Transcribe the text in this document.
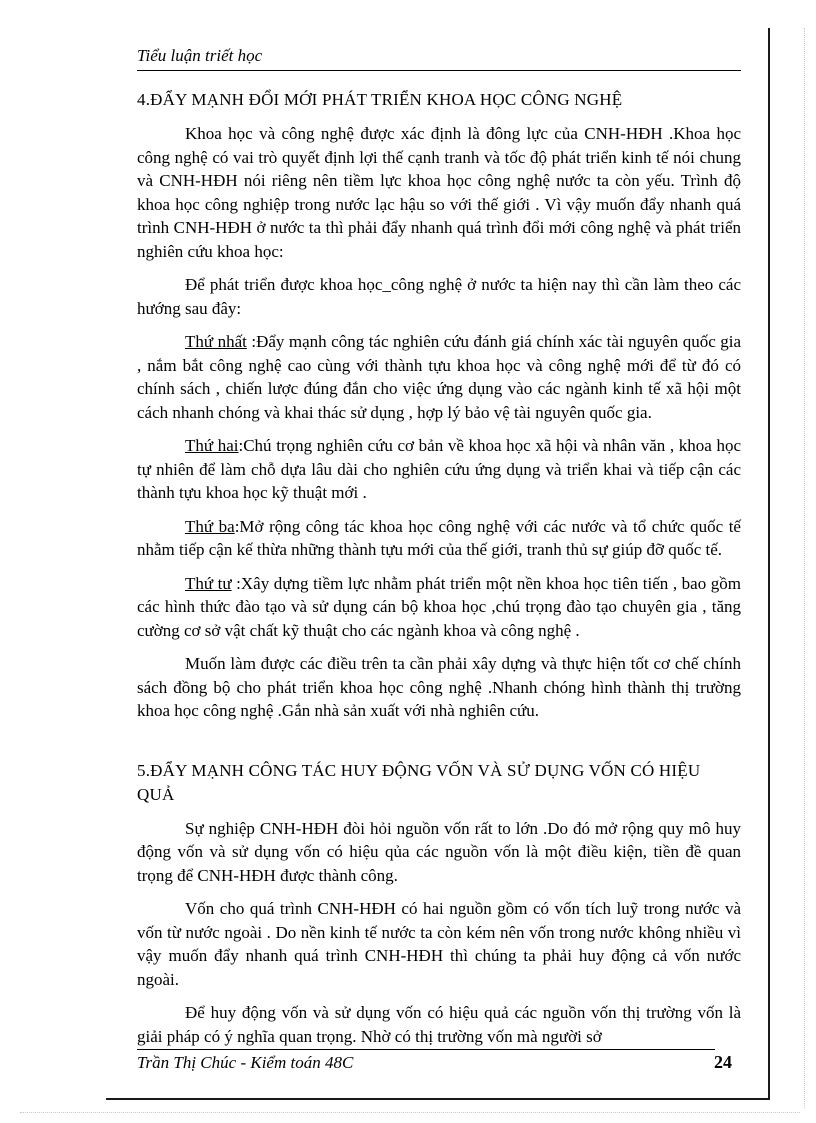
Tiểu luận triết học
4.ĐẨY MẠNH ĐỔI MỚI PHÁT TRIỂN KHOA HỌC CÔNG NGHỆ

Khoa học và công nghệ được xác định là đông lực của CNH-HĐH .Khoa học công nghệ có vai trò quyết định lợi thế cạnh tranh và tốc độ phát triển kinh tế nói chung và CNH-HĐH nói riêng nên tiềm lực khoa học công nghệ nước ta còn yếu. Trình độ khoa học công nghiệp trong nước lạc hậu so với thế giới . Vì vậy muốn đẩy nhanh quá trình CNH-HĐH ở nước ta thì phải đẩy nhanh quá trình đổi mới công nghệ và phát triển nghiên cứu khoa học:

Để phát triển được khoa học_công nghệ ở nước ta hiện nay thì cần làm theo các hướng sau đây:

Thứ nhất :Đẩy mạnh công tác nghiên cứu đánh giá chính xác tài nguyên quốc gia , nắm bắt công nghệ cao cùng với thành tựu khoa học và công nghệ mới để từ đó có chính sách , chiến lược đúng đắn cho việc ứng dụng vào các ngành kinh tế xã hội một cách nhanh chóng và khai thác sử dụng , hợp lý bảo vệ tài nguyên quốc gia.

Thứ hai:Chú trọng nghiên cứu cơ bản về khoa học xã hội và nhân văn , khoa học tự nhiên để làm chỗ dựa lâu dài cho nghiên cứu ứng dụng và triển khai và tiếp cận các thành tựu khoa học kỹ thuật mới .

Thứ ba:Mở rộng công tác khoa học công nghệ với các nước và tổ chức quốc tế nhằm tiếp cận kế thừa những thành tựu mới của thế giới, tranh thủ sự giúp đỡ quốc tế.

Thứ tư :Xây dựng tiềm lực nhằm phát triển một nền khoa học tiên tiến , bao gồm các hình thức đào tạo và sử dụng cán bộ khoa học ,chú trọng đào tạo chuyên gia , tăng cường cơ sở vật chất kỹ thuật cho các ngành khoa và công nghệ .

Muốn làm được các điều trên ta cần phải xây dựng và thực hiện tốt cơ chế chính sách đồng bộ cho phát triển khoa học công nghệ .Nhanh chóng hình thành thị trường khoa học công nghệ .Gắn nhà sản xuất với nhà nghiên cứu.

5.ĐẨY MẠNH CÔNG TÁC HUY ĐỘNG VỐN VÀ SỬ DỤNG VỐN CÓ HIỆU QUẢ

Sự nghiệp CNH-HĐH đòi hỏi nguồn vốn rất to lớn .Do đó mở rộng quy mô huy động vốn và sử dụng vốn có hiệu qủa các nguồn vốn là một điều kiện, tiền đề quan trọng để CNH-HĐH được thành công.

Vốn cho quá trình CNH-HĐH có hai nguồn gồm có vốn tích luỹ trong nước và vốn từ nước ngoài . Do nền kinh tế nước ta còn kém nên vốn trong nước không nhiều vì vậy muốn đẩy nhanh quá trình CNH-HĐH thì chúng ta phải huy động cả vốn nước ngoài.

Để huy động vốn và sử dụng vốn có hiệu quả các nguồn vốn thị trường vốn là giải pháp có ý nghĩa quan trọng. Nhờ có thị trường vốn mà người sở

Trần Thị Chúc - Kiểm toán 48C	24
